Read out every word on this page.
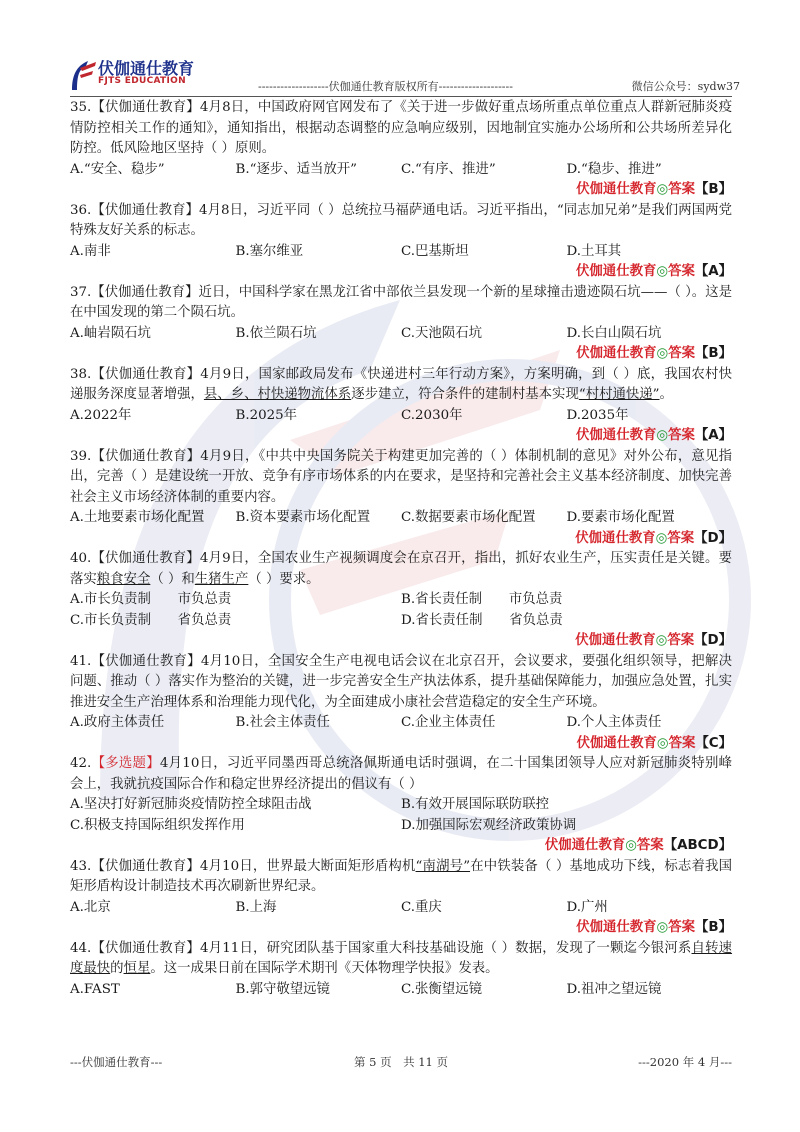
伏伽通仕教育
FJTS EDUCATION	-------------------伏伽通仕教育版权所有--------------------	微信公众号：sydw37

35.【伏伽通仕教育】4月8日，中国政府网官网发布了《关于进一步做好重点场所重点单位重点人群新冠肺炎疫情防控相关工作的通知》，通知指出，根据动态调整的应急响应级别，因地制宜实施办公场所和公共场所差异化防控。低风险地区坚持（ ）原则。

A.“安全、稳步”	B.“逐步、适当放开”	C.“有序、推进”	D.“稳步、推进”

伏伽通仕教育◎答案【B】

36.【伏伽通仕教育】4月8日，习近平同（ ）总统拉马福萨通电话。习近平指出，“同志加兄弟”是我们两国两党特殊友好关系的标志。

A.南非	B.塞尔维亚	C.巴基斯坦	D.土耳其

伏伽通仕教育◎答案【A】

37.【伏伽通仕教育】近日，中国科学家在黑龙江省中部依兰县发现一个新的星球撞击遗迹陨石坑——（ ）。这是在中国发现的第二个陨石坑。

A.岫岩陨石坑	B.依兰陨石坑	C.天池陨石坑	D.长白山陨石坑

伏伽通仕教育◎答案【B】

38.【伏伽通仕教育】4月9日，国家邮政局发布《快递进村三年行动方案》，方案明确，到（ ）底，我国农村快递服务深度显著增强，县、乡、村快递物流体系逐步建立，符合条件的建制村基本实现“村村通快递”。

A.2022年	B.2025年	C.2030年	D.2035年

伏伽通仕教育◎答案【A】

39.【伏伽通仕教育】4月9日，《中共中央国务院关于构建更加完善的（ ）体制机制的意见》对外公布，意见指出，完善（ ）是建设统一开放、竞争有序市场体系的内在要求，是坚持和完善社会主义基本经济制度、加快完善社会主义市场经济体制的重要内容。

A.土地要素市场化配置	B.资本要素市场化配置	C.数据要素市场化配置	D.要素市场化配置

伏伽通仕教育◎答案【D】

40.【伏伽通仕教育】4月9日，全国农业生产视频调度会在京召开，指出，抓好农业生产，压实责任是关键。要落实粮食安全（ ）和生猪生产（ ）要求。

A.市长负责制　　市负总责	B.省长责任制　　市负总责
C.市长负责制　　省负总责	D.省长责任制　　省负总责

伏伽通仕教育◎答案【D】

41.【伏伽通仕教育】4月10日，全国安全生产电视电话会议在北京召开，会议要求，要强化组织领导，把解决问题、推动（ ）落实作为整治的关键，进一步完善安全生产执法体系，提升基础保障能力，加强应急处置，扎实推进安全生产治理体系和治理能力现代化，为全面建成小康社会营造稳定的安全生产环境。

A.政府主体责任	B.社会主体责任	C.企业主体责任	D.个人主体责任

伏伽通仕教育◎答案【C】

42.【多选题】4月10日，习近平同墨西哥总统洛佩斯通电话时强调，在二十国集团领导人应对新冠肺炎特别峰会上，我就抗疫国际合作和稳定世界经济提出的倡议有（ ）

A.坚决打好新冠肺炎疫情防控全球阻击战	B.有效开展国际联防联控
C.积极支持国际组织发挥作用	D.加强国际宏观经济政策协调

伏伽通仕教育◎答案【ABCD】

43.【伏伽通仕教育】4月10日，世界最大断面矩形盾构机“南湖号”在中铁装备（ ）基地成功下线，标志着我国矩形盾构设计制造技术再次刷新世界纪录。

A.北京	B.上海	C.重庆	D.广州

伏伽通仕教育◎答案【B】

44.【伏伽通仕教育】4月11日，研究团队基于国家重大科技基础设施（ ）数据，发现了一颗迄今银河系自转速度最快的恒星。这一成果日前在国际学术期刊《天体物理学快报》发表。

A.FAST	B.郭守敬望远镜	C.张衡望远镜	D.祖冲之望远镜
---伏伽通仕教育---	第 5 页　共 11 页	---2020 年 4 月---
